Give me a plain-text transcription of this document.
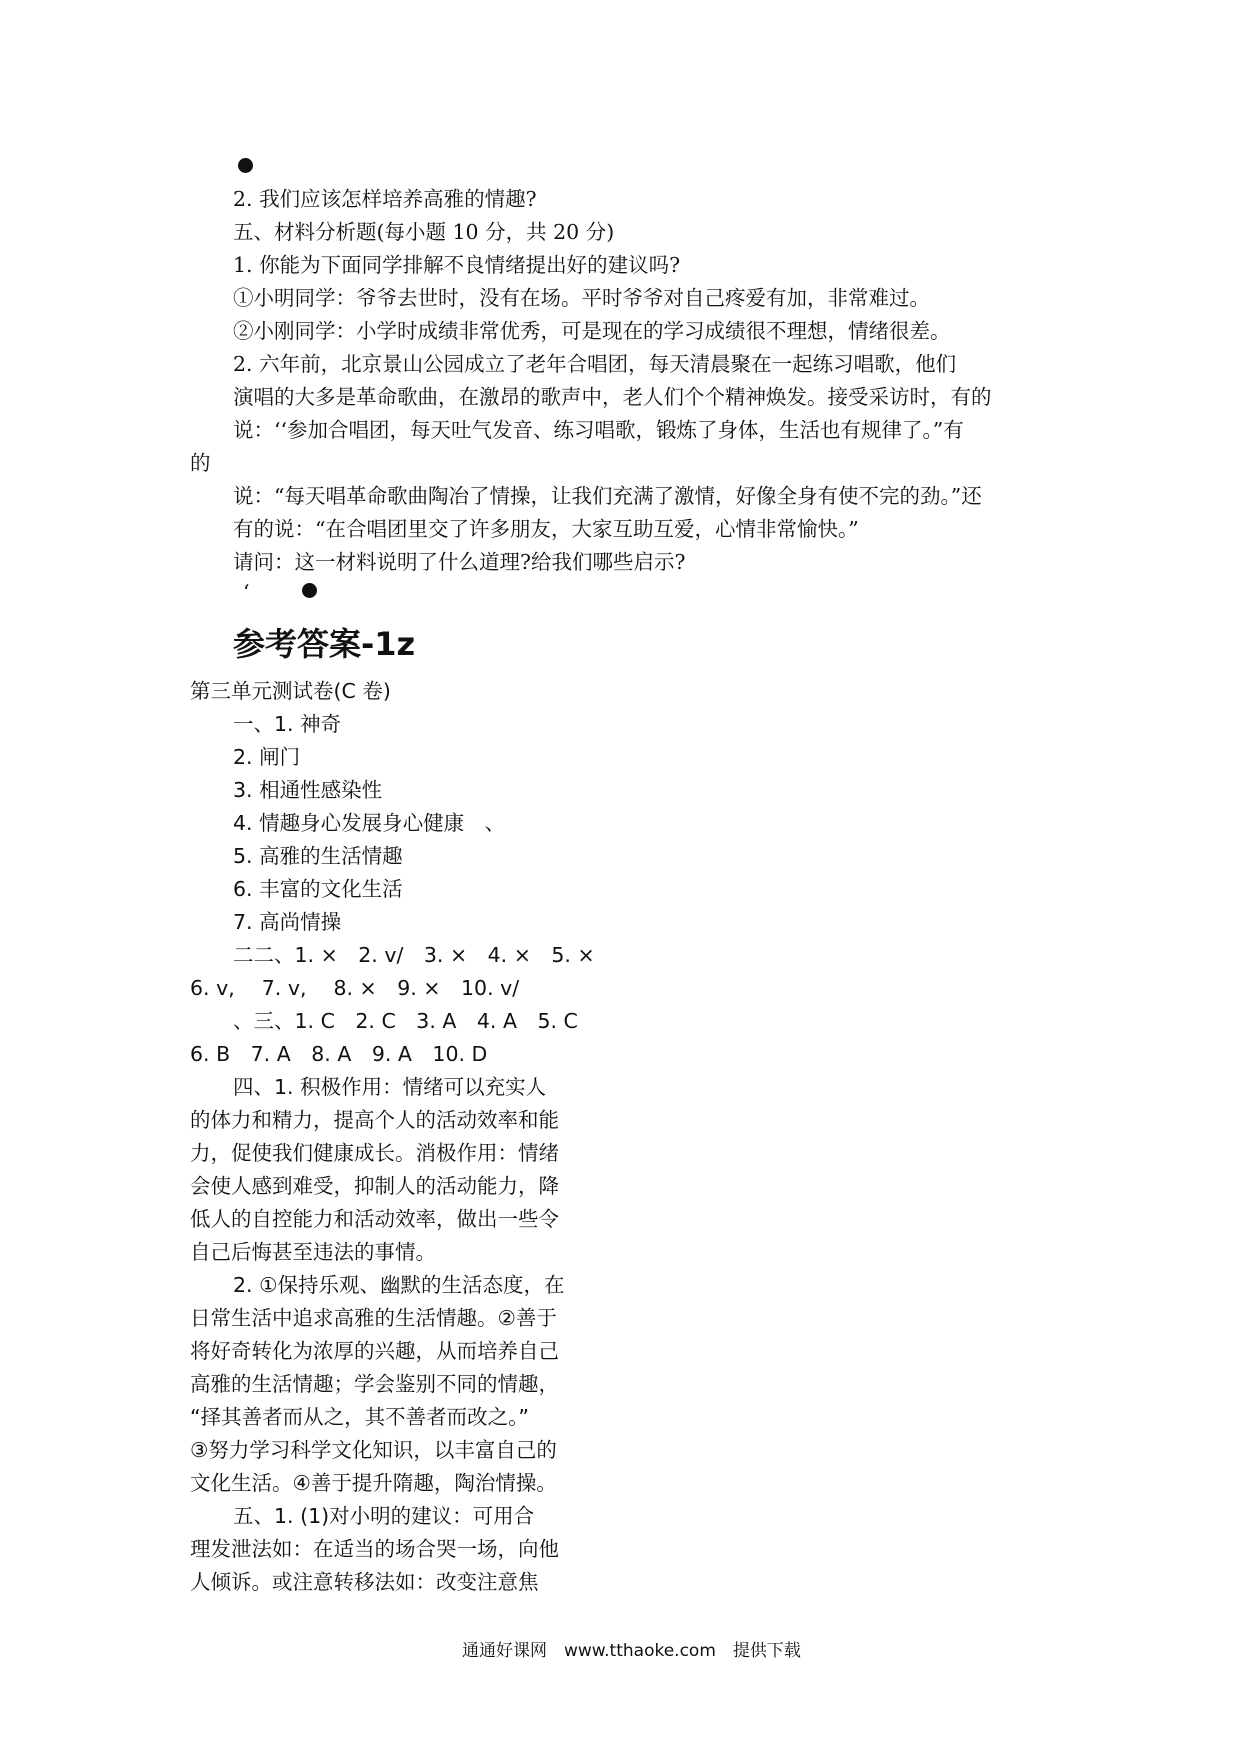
2. 我们应该怎样培养高雅的情趣?
五、材料分析题(每小题 10 分，共 20 分)
1. 你能为下面同学排解不良情绪提出好的建议吗?
①小明同学：爷爷去世时，没有在场。平时爷爷对自己疼爱有加，非常难过。
②小刚同学：小学时成绩非常优秀，可是现在的学习成绩很不理想，情绪很差。
2. 六年前，北京景山公园成立了老年合唱团，每天清晨聚在一起练习唱歌，他们
演唱的大多是革命歌曲，在激昂的歌声中，老人们个个精神焕发。接受采访时，有的
说：‘‘参加合唱团，每天吐气发音、练习唱歌，锻炼了身体，生活也有规律了。”有
的
说：“每天唱革命歌曲陶冶了情操，让我们充满了激情，好像全身有使不完的劲。”还
有的说：“在合唱团里交了许多朋友，大家互助互爱，心情非常愉快。”
请问：这一材料说明了什么道理?给我们哪些启示?
‘
参考答案-1z
第三单元测试卷(C 卷)
一、1. 神奇
2. 闸门
3. 相通性感染性
4. 情趣身心发展身心健康　、
5. 高雅的生活情趣
6. 丰富的文化生活
7. 高尚情操
二二、1. ×　2. v/　3. ×　4. ×　5. ×
6. v,　 7. v,　 8. ×　9. ×　10. v/
、三、1. C　2. C　3. A　4. A　5. C
6. B　7. A　8. A　9. A　10. D
四、1. 积极作用：情绪可以充实人
的体力和精力，提高个人的活动效率和能
力，促使我们健康成长。消极作用：情绪
会使人感到难受，抑制人的活动能力，降
低人的自控能力和活动效率，做出一些令
自己后悔甚至违法的事情。
2. ①保持乐观、幽默的生活态度，在
日常生活中追求高雅的生活情趣。②善于
将好奇转化为浓厚的兴趣，从而培养自己
高雅的生活情趣；学会鉴别不同的情趣，
“择其善者而从之，其不善者而改之。”
③努力学习科学文化知识，以丰富自己的
文化生活。④善于提升隋趣，陶治情操。
五、1. (1)对小明的建议：可用合
理发泄法如：在适当的场合哭一场，向他
人倾诉。或注意转移法如：改变注意焦
通通好课网　www.tthaoke.com　提供下载
